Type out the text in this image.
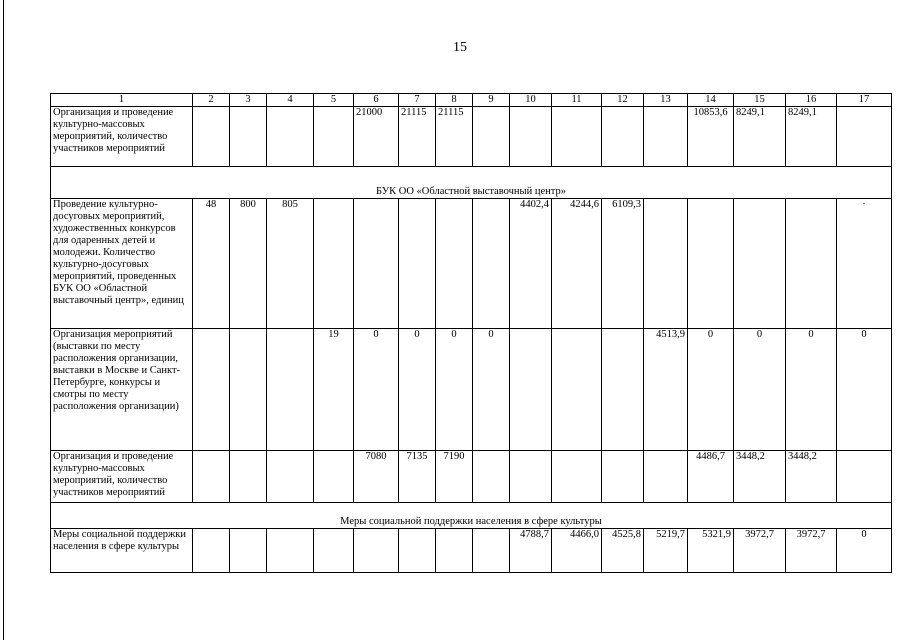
15
1	2	3	4	5	6	7	8	9	10	11	12	13	14	15	16	17
Организация и проведение культурно-массовых мероприятий, количество участников мероприятий					21000	21115	21115						10853,6	8249,1	8249,1	
БУК ОО «Областной выставочный центр»																
Проведение культурно-досуговых мероприятий, художественных конкурсов для одаренных детей и молодежи. Количество культурно-досуговых мероприятий, проведенных БУК ОО «Областной выставочный центр», единиц	48	800	805						4402,4	4244,6	6109,3					·
Организация мероприятий (выставки по месту расположения организации, выставки в Москве и Санкт-Петербурге, конкурсы и смотры по месту расположения организации)				19	0	0	0	0				4513,9	0	0	0	0
Организация и проведение культурно-массовых мероприятий, количество участников мероприятий					7080	7135	7190						4486,7	3448,2	3448,2	
Меры социальной поддержки населения в сфере культуры																
Меры социальной поддержки населения в сфере культуры									4788,7	4466,0	4525,8	5219,7	5321,9	3972,7	3972,7	0
